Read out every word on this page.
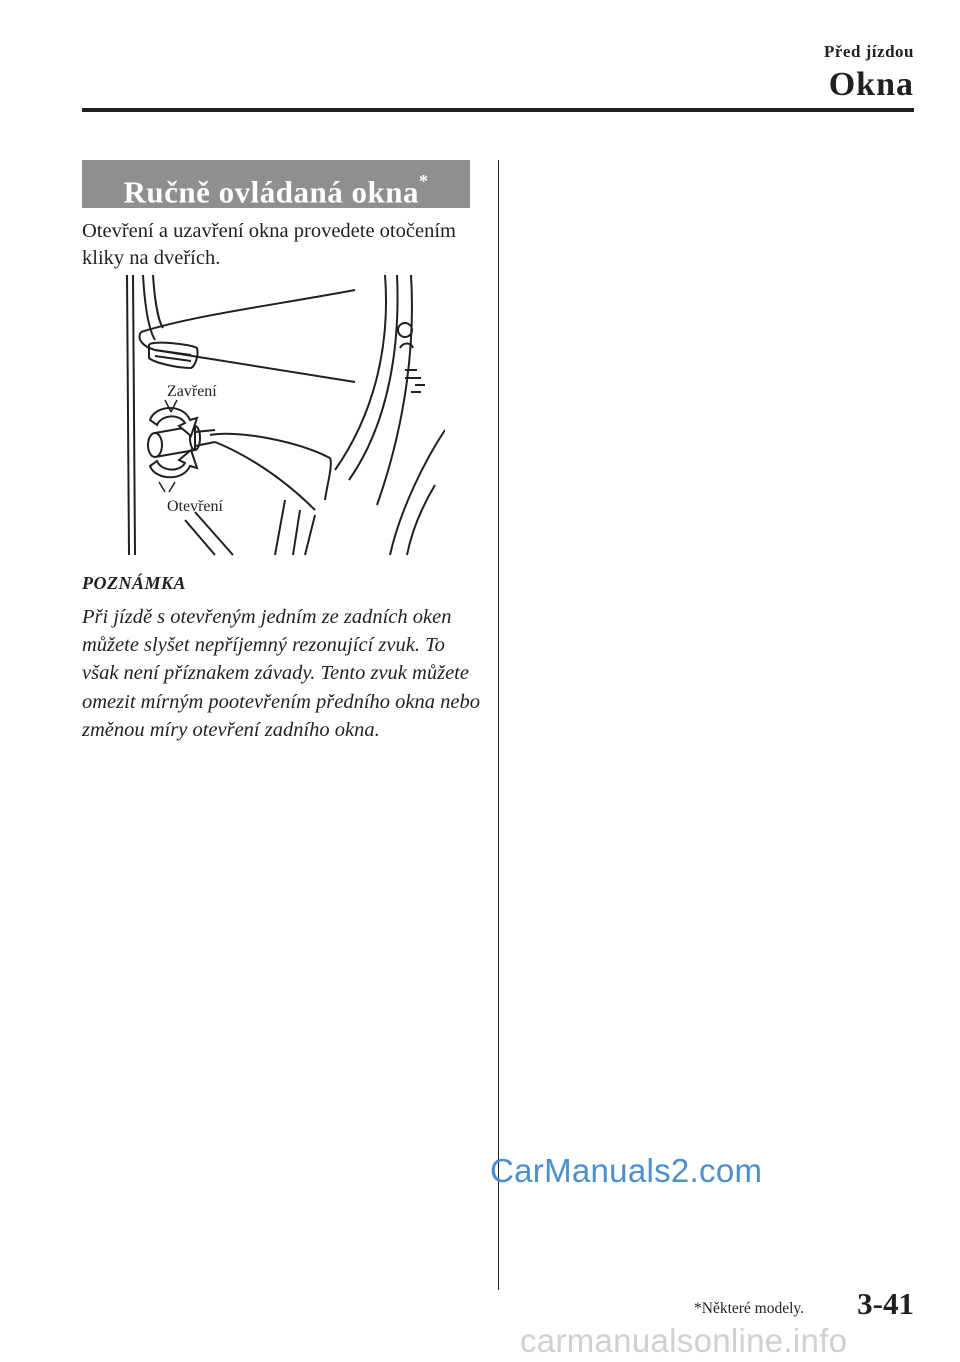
Před jízdou
Okna
Ručně ovládaná okna*
Otevření a uzavření okna provedete otočením kliky na dveřích.
Zavření
Otevření
POZNÁMKA
Při jízdě s otevřeným jedním ze zadních oken můžete slyšet nepříjemný rezonující zvuk. To však není příznakem závady. Tento zvuk můžete omezit mírným pootevřením předního okna nebo změnou míry otevření zadního okna.
CarManuals2.com
*Některé modely. 3-41
carmanualsonline.info
